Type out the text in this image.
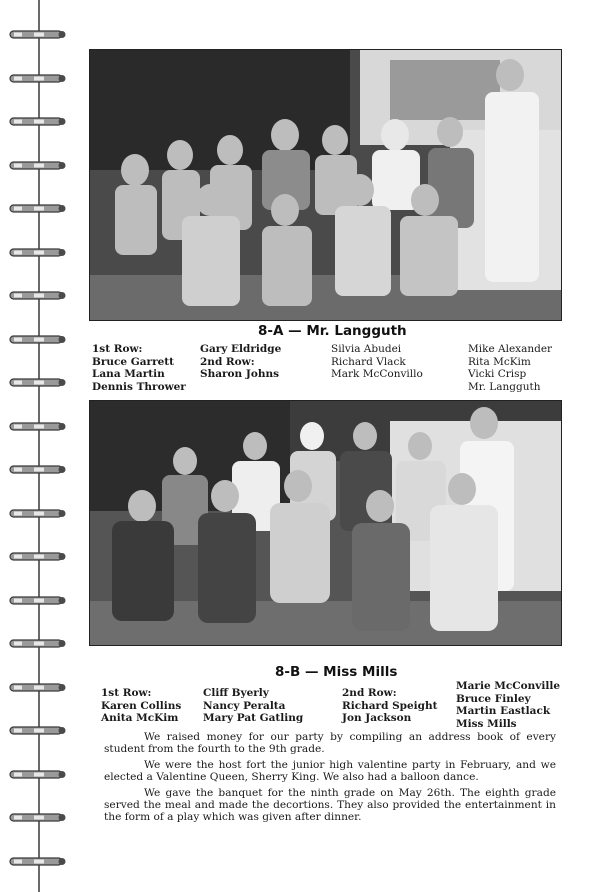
8-A — Mr. Langguth
1st Row:
Bruce Garrett
Lana Martin
Dennis Thrower
Gary Eldridge
2nd Row:
Sharon Johns
Silvia Abudei
Richard Vlack
Mark McConvillo
Mike Alexander
Rita McKim
Vicki Crisp
Mr. Langguth
8-B — Miss Mills
1st Row:
Karen Collins
Anita McKim
Cliff Byerly
Nancy Peralta
Mary Pat Gatling
2nd Row:
Richard Speight
Jon Jackson
Marie McConville
Bruce Finley
Martin Eastlack
Miss Mills

We raised money for our party by compiling an address book of every student from the fourth to the 9th grade.

We were the host fort the junior high valentine party in February, and we elected a Valentine Queen, Sherry King. We also had a balloon dance.

We gave the banquet for the ninth grade on May 26th. The eighth grade served the meal and made the decortions. They also provided the entertainment in the form of a play which was given after dinner.
